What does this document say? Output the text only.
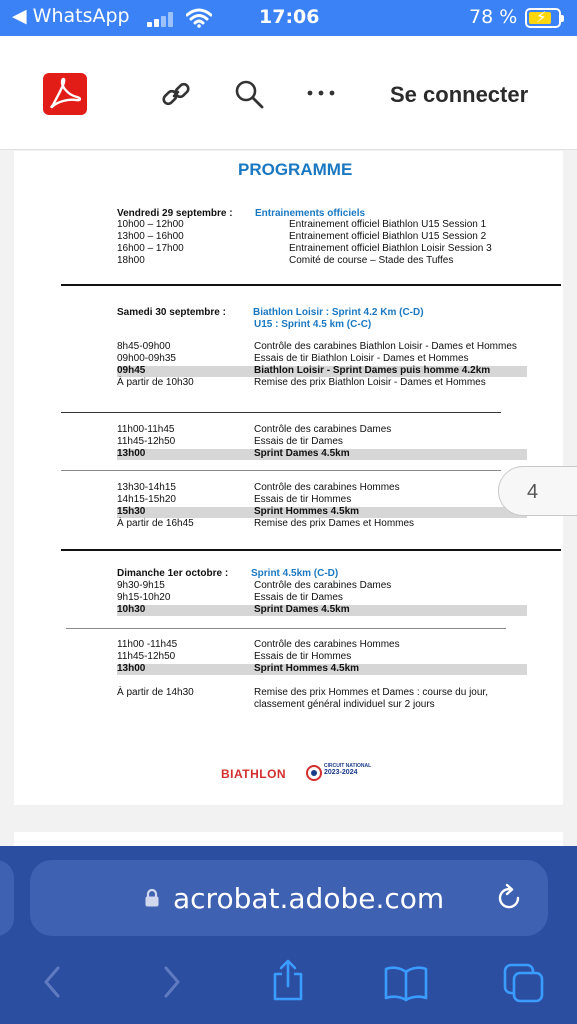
◀ WhatsApp	17:06	78 % ⚡
Se connecter
PROGRAMME
Vendredi 29 septembre : Entrainements officiels
10h00 – 12h00	Entrainement officiel Biathlon U15 Session 1
13h00 – 16h00	Entrainement officiel Biathlon U15 Session 2
16h00 – 17h00	Entrainement officiel Biathlon Loisir Session 3
18h00	Comité de course – Stade des Tuffes
Samedi 30 septembre :	Biathlon Loisir : Sprint 4.2 Km (C-D)
U15 : Sprint 4.5 km (C-C)
8h45-09h00	Contrôle des carabines Biathlon Loisir - Dames et Hommes
09h00-09h35	Essais de tir Biathlon Loisir - Dames et Hommes
09h45	Biathlon Loisir - Sprint Dames puis homme 4.2km
À partir de 10h30	Remise des prix Biathlon Loisir - Dames et Hommes
11h00-11h45	Contrôle des carabines Dames
11h45-12h50	Essais de tir Dames
13h00	Sprint Dames 4.5km
13h30-14h15	Contrôle des carabines Hommes
14h15-15h20	Essais de tir Hommes
15h30	Sprint Hommes 4.5km
À partir de 16h45	Remise des prix Dames et Hommes
Dimanche 1er octobre : Sprint 4.5km (C-D)
9h30-9h15	Contrôle des carabines Dames
9h15-10h20	Essais de tir Dames
10h30	Sprint Dames 4.5km
11h00 -11h45	Contrôle des carabines Hommes
11h45-12h50	Essais de tir Hommes
13h00	Sprint Hommes 4.5km
À partir de 14h30	Remise des prix Hommes et Dames : course du jour,
classement général individuel sur 2 jours
BIATHLON
CIRCUIT NATIONAL
2023-2024
4
acrobat.adobe.com
